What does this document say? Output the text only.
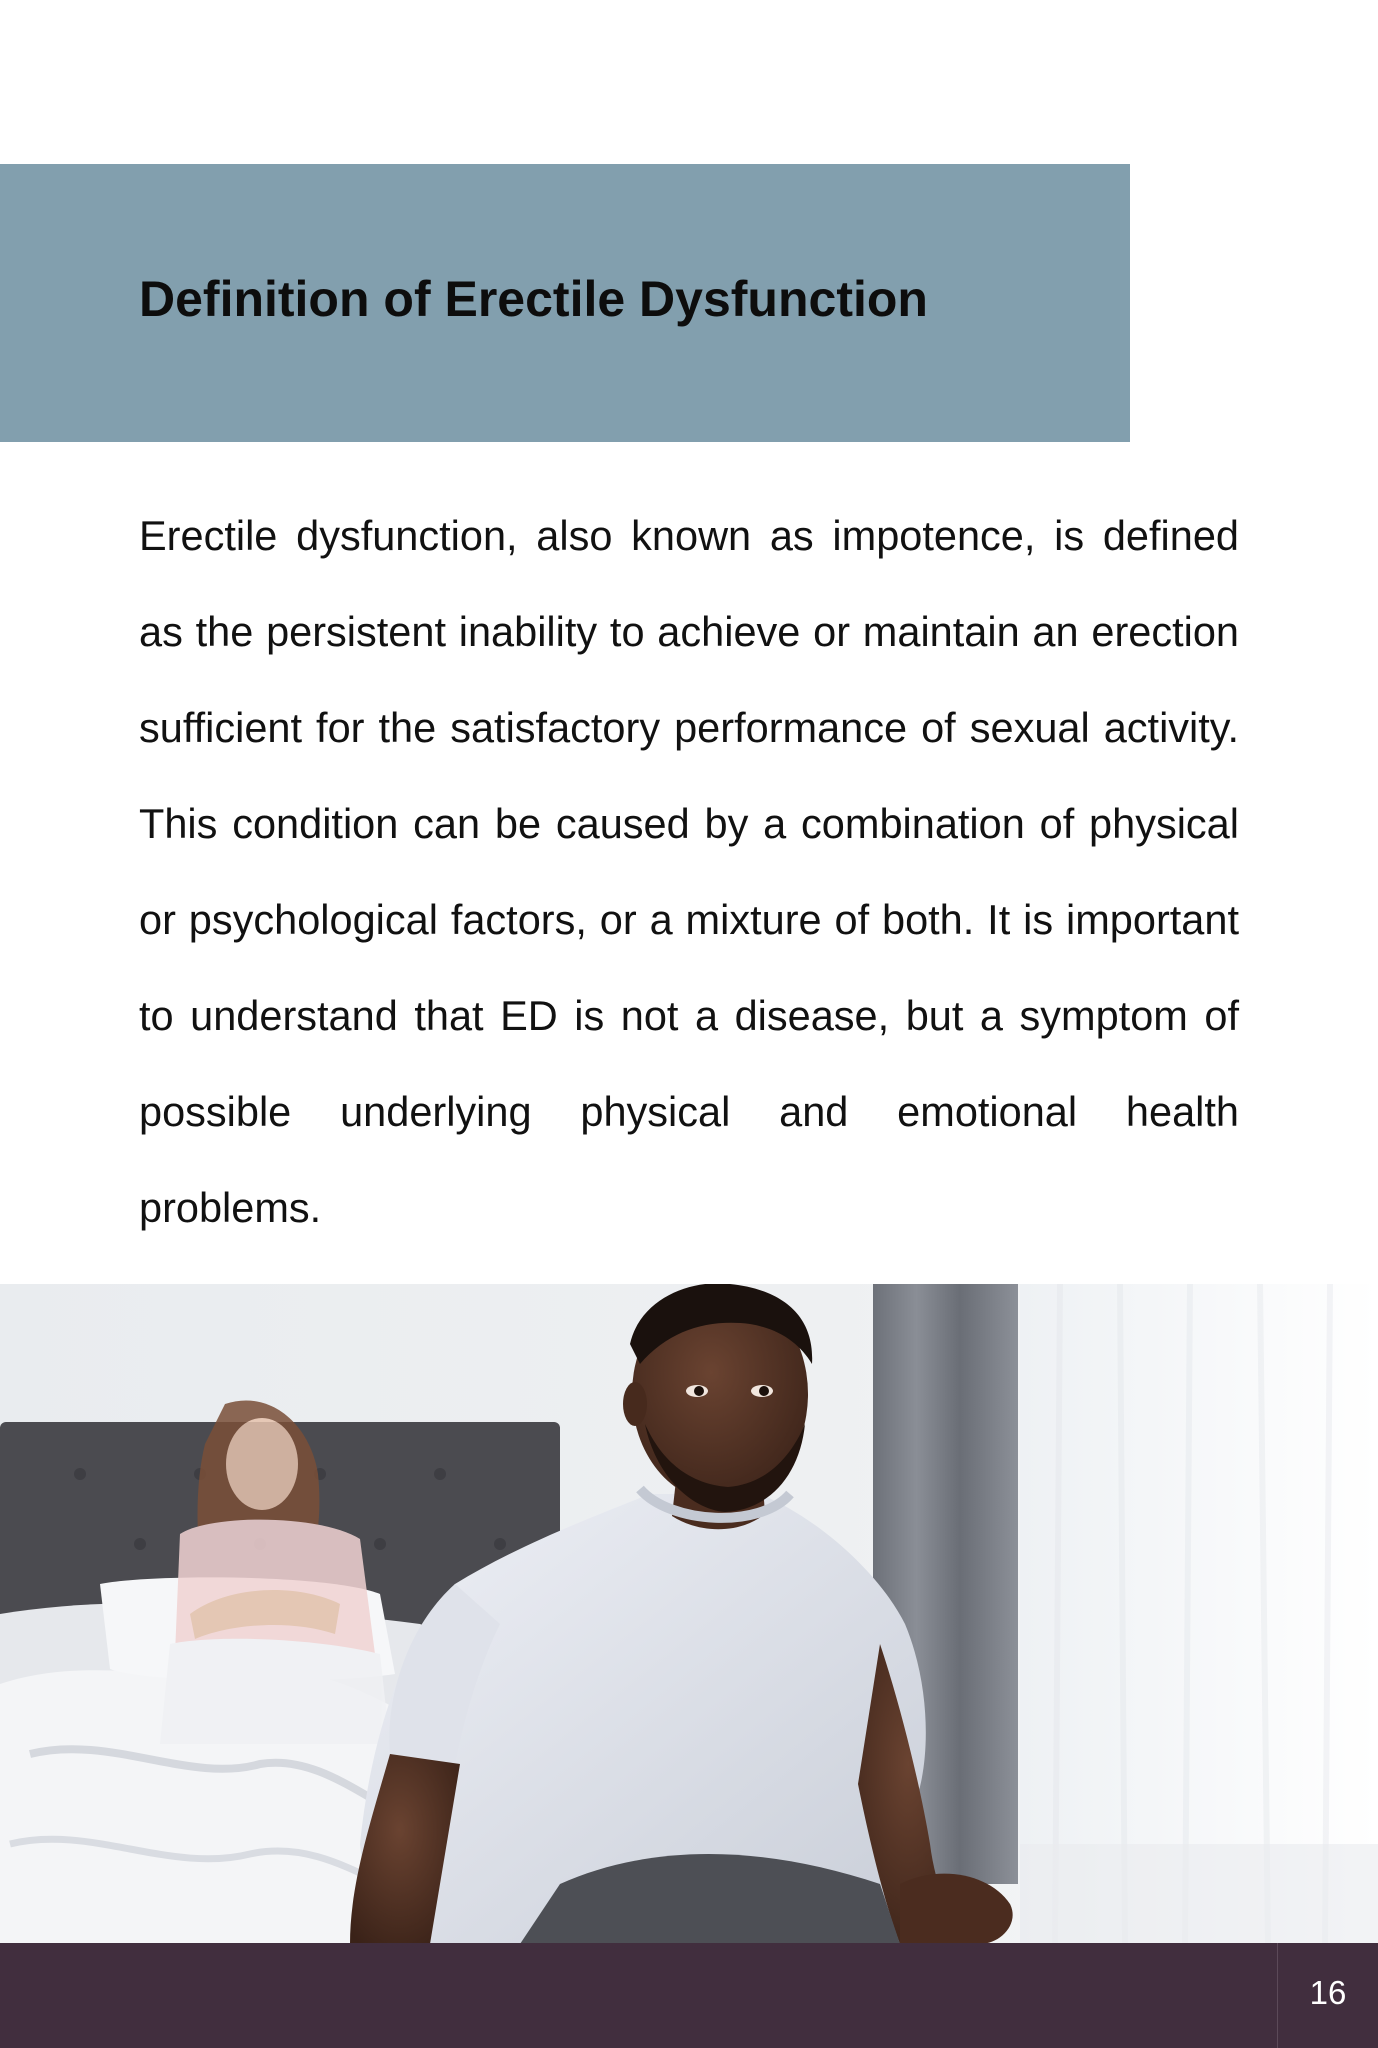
Definition of Erectile Dysfunction

Erectile dysfunction, also known as impotence, is defined as the persistent inability to achieve or maintain an erection sufficient for the satisfactory performance of sexual activity. This condition can be caused by a combination of physical or psychological factors, or a mixture of both. It is important to understand that ED is not a disease, but a symptom of possible underlying physical and emotional health problems.

16
